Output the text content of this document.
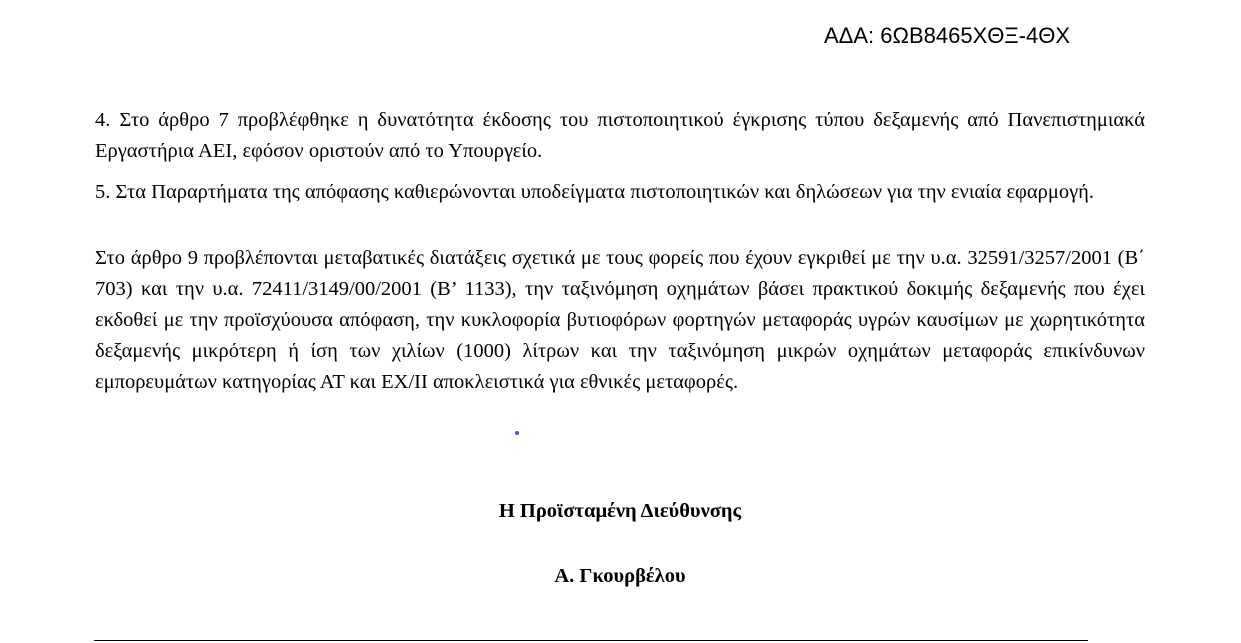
ΑΔΑ: 6ΩΒ8465ΧΘΞ-4ΘΧ

4. Στο άρθρο 7 προβλέφθηκε η δυνατότητα έκδοσης του πιστοποιητικού έγκρισης τύπου δεξαμενής από Πανεπιστημιακά Εργαστήρια ΑΕΙ, εφόσον οριστούν από το Υπουργείο.

5. Στα Παραρτήματα της απόφασης καθιερώνονται υποδείγματα πιστοποιητικών και δηλώσεων για την ενιαία εφαρμογή.

Στο άρθρο 9 προβλέπονται μεταβατικές διατάξεις σχετικά με τους φορείς που έχουν εγκριθεί με την υ.α. 32591/3257/2001 (Β΄ 703) και την υ.α. 72411/3149/00/2001 (Β’ 1133), την ταξινόμηση οχημάτων βάσει πρακτικού δοκιμής δεξαμενής που έχει εκδοθεί με την προϊσχύουσα απόφαση, την κυκλοφορία βυτιοφόρων φορτηγών μεταφοράς υγρών καυσίμων με χωρητικότητα δεξαμενής μικρότερη ή ίση των χιλίων (1000) λίτρων και την ταξινόμηση μικρών οχημάτων μεταφοράς επικίνδυνων εμπορευμάτων κατηγορίας ΑΤ και ΕΧ/ΙΙ αποκλειστικά για εθνικές μεταφορές.

Η Προϊσταμένη Διεύθυνσης

Α. Γκουρβέλου
